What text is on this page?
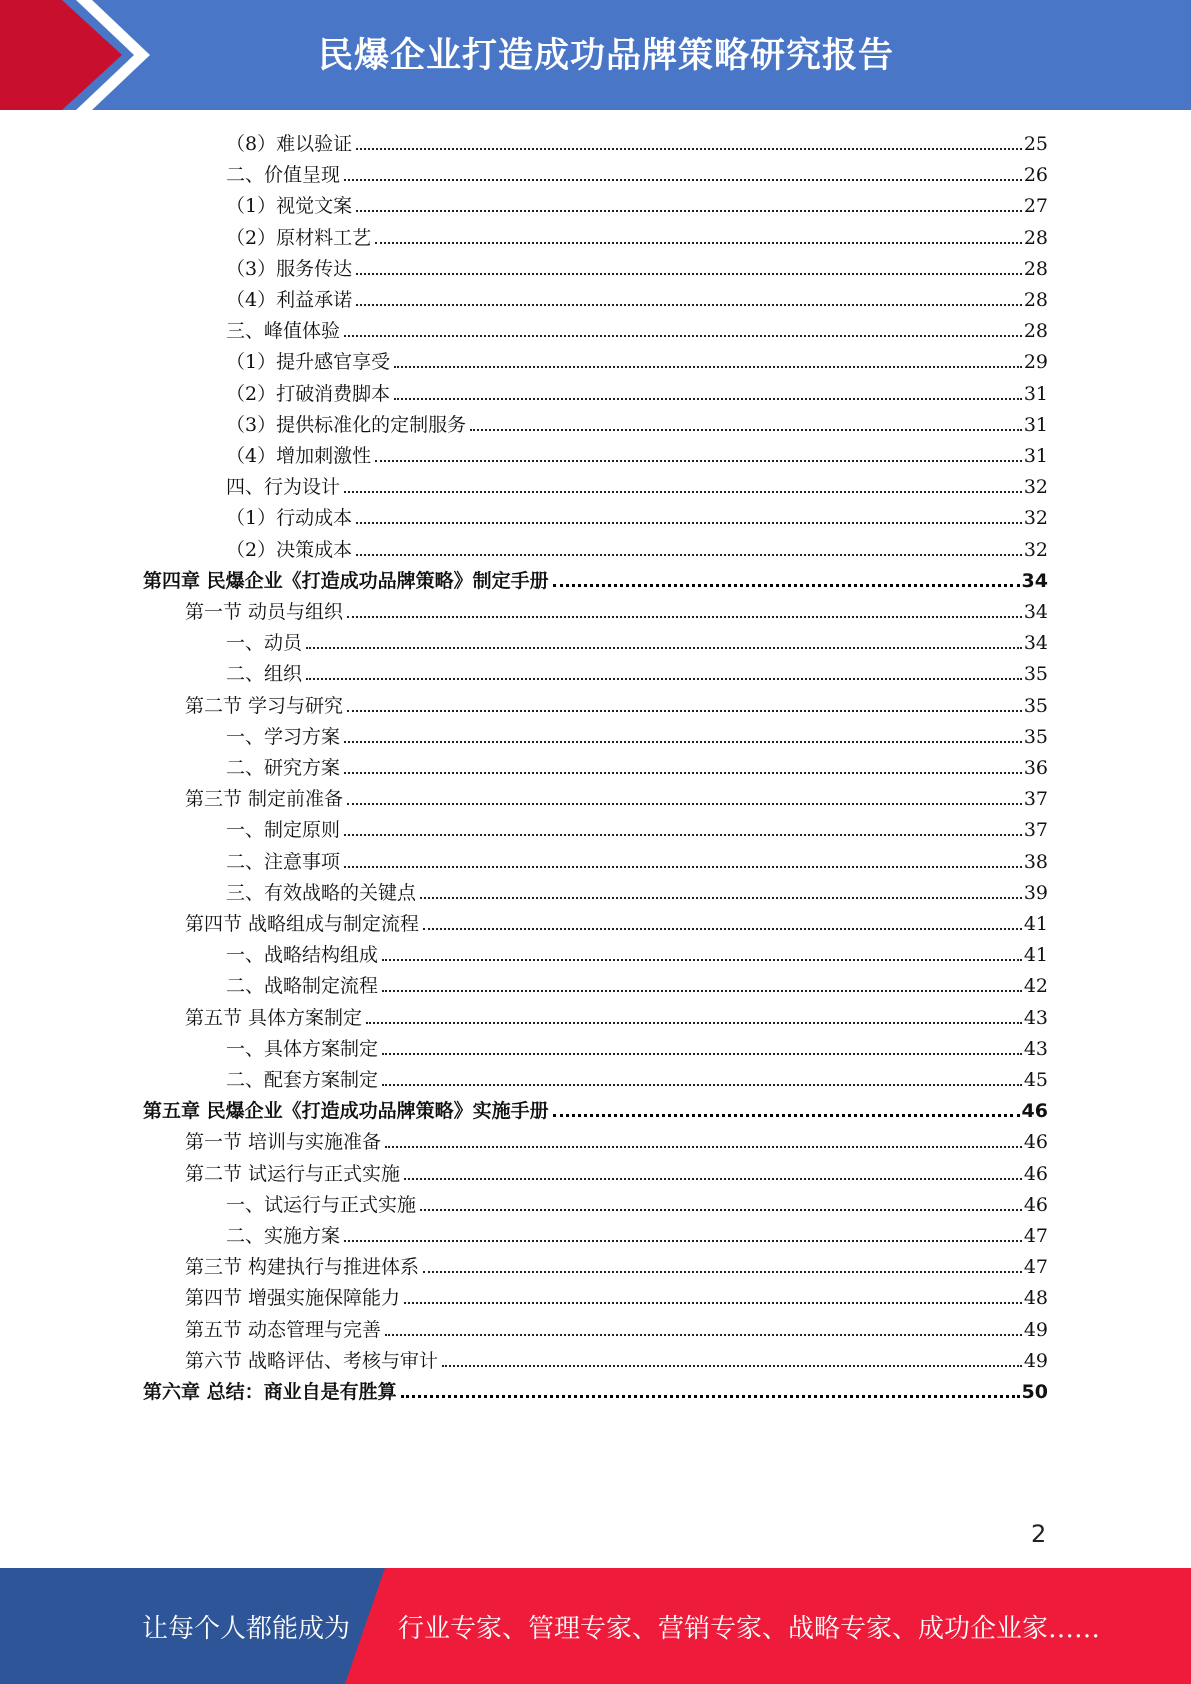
民爆企业打造成功品牌策略研究报告
（8）难以验证	25
二、价值呈现	26
（1）视觉文案	27
（2）原材料工艺	28
（3）服务传达	28
（4）利益承诺	28
三、峰值体验	28
（1）提升感官享受	29
（2）打破消费脚本	31
（3）提供标准化的定制服务	31
（4）增加刺激性	31
四、行为设计	32
（1）行动成本	32
（2）决策成本	32
第四章 民爆企业《打造成功品牌策略》制定手册	34
第一节 动员与组织	34
一、动员	34
二、组织	35
第二节 学习与研究	35
一、学习方案	35
二、研究方案	36
第三节 制定前准备	37
一、制定原则	37
二、注意事项	38
三、有效战略的关键点	39
第四节 战略组成与制定流程	41
一、战略结构组成	41
二、战略制定流程	42
第五节 具体方案制定	43
一、具体方案制定	43
二、配套方案制定	45
第五章 民爆企业《打造成功品牌策略》实施手册	46
第一节 培训与实施准备	46
第二节 试运行与正式实施	46
一、试运行与正式实施	46
二、实施方案	47
第三节 构建执行与推进体系	47
第四节 增强实施保障能力	48
第五节 动态管理与完善	49
第六节 战略评估、考核与审计	49
第六章 总结：商业自是有胜算	50
2
让每个人都能成为 行业专家、管理专家、营销专家、战略专家、成功企业家……
